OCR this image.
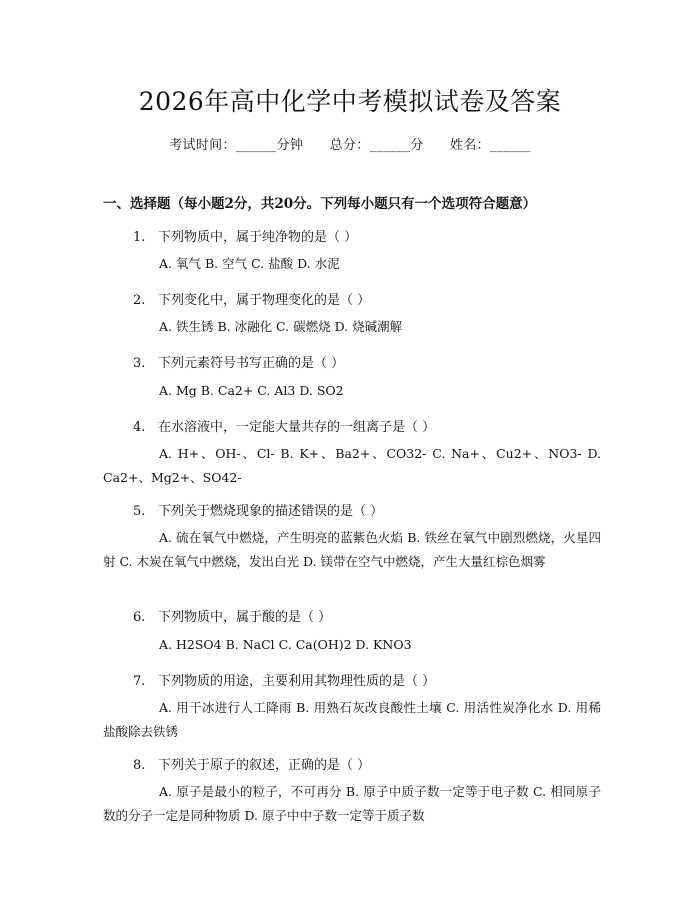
2026年高中化学中考模拟试卷及答案
考试时间：______分钟 总分：______分 姓名：______
一、选择题（每小题2分，共20分。下列每小题只有一个选项符合题意）
1. 下列物质中，属于纯净物的是（ ）
A. 氧气 B. 空气 C. 盐酸 D. 水泥
2. 下列变化中，属于物理变化的是（ ）
A. 铁生锈 B. 冰融化 C. 碳燃烧 D. 烧碱潮解
3. 下列元素符号书写正确的是（ ）
A. Mg B. Ca2+ C. Al3 D. SO2
4. 在水溶液中，一定能大量共存的一组离子是（ ）
A. H+、OH-、Cl- B. K+、Ba2+、CO32- C. Na+、Cu2+、NO3- D. Ca2+、Mg2+、SO42-
5. 下列关于燃烧现象的描述错误的是（ ）
A. 硫在氧气中燃烧，产生明亮的蓝紫色火焰 B. 铁丝在氧气中剧烈燃烧，火星四射 C. 木炭在氧气中燃烧，发出白光 D. 镁带在空气中燃烧，产生大量红棕色烟雾
6. 下列物质中，属于酸的是（ ）
A. H2SO4 B. NaCl C. Ca(OH)2 D. KNO3
7. 下列物质的用途，主要利用其物理性质的是（ ）
A. 用干冰进行人工降雨 B. 用熟石灰改良酸性土壤 C. 用活性炭净化水 D. 用稀盐酸除去铁锈
8. 下列关于原子的叙述，正确的是（ ）
A. 原子是最小的粒子，不可再分 B. 原子中质子数一定等于电子数 C. 相同原子数的分子一定是同种物质 D. 原子中中子数一定等于质子数
